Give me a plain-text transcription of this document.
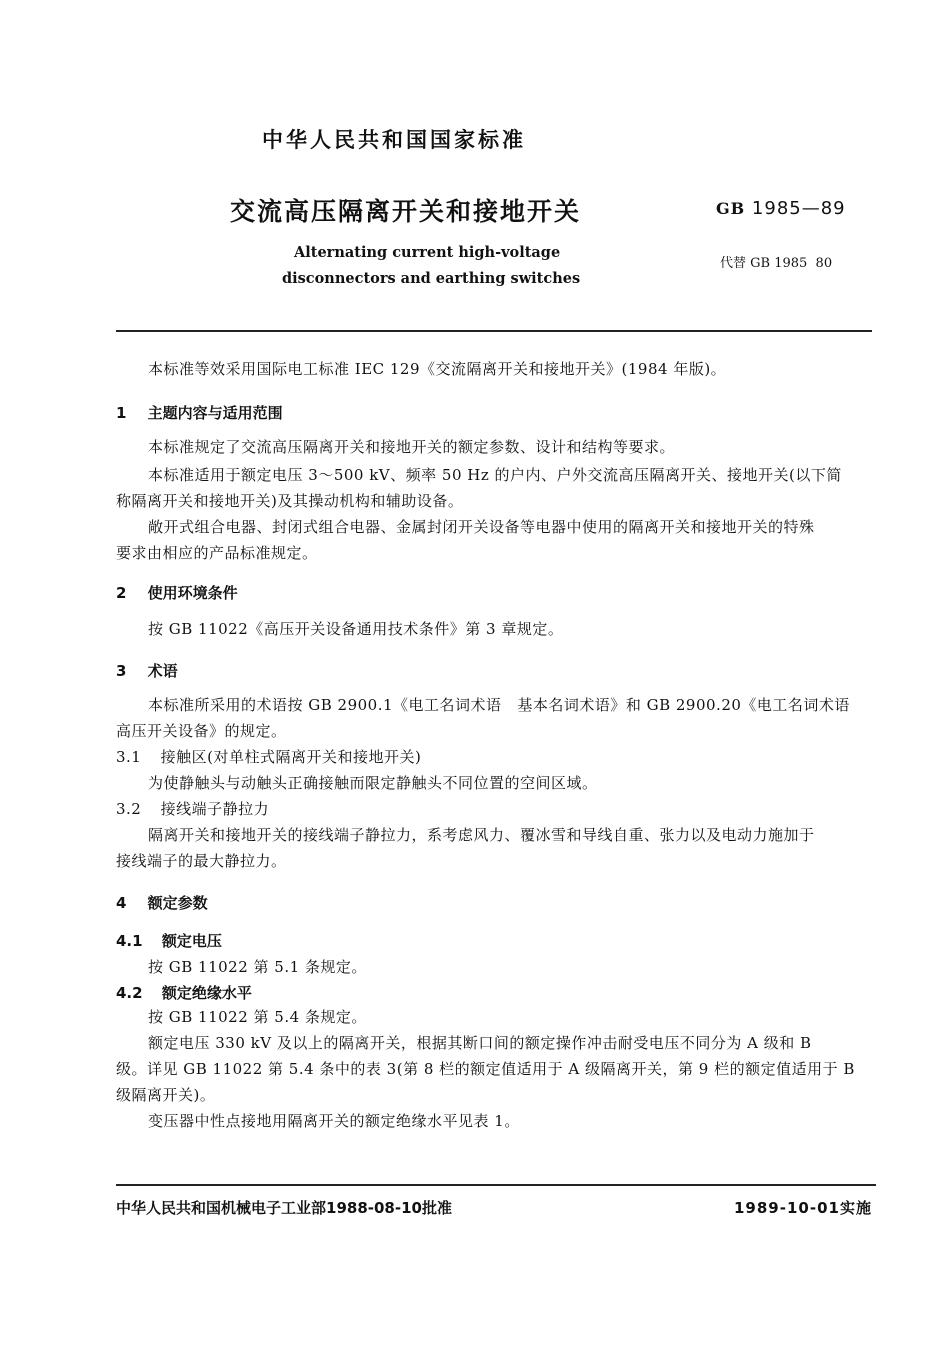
中华人民共和国国家标准
交流高压隔离开关和接地开关	GB 1985—89
Alternating current high-voltage
disconnectors and earthing switches
代替 GB 1985  80
本标准等效采用国际电工标准 IEC 129《交流隔离开关和接地开关》(1984 年版)。
1 主题内容与适用范围
本标准规定了交流高压隔离开关和接地开关的额定参数、设计和结构等要求。
本标准适用于额定电压 3～500 kV、频率 50 Hz 的户内、户外交流高压隔离开关、接地开关(以下简
称隔离开关和接地开关)及其操动机构和辅助设备。
敞开式组合电器、封闭式组合电器、金属封闭开关设备等电器中使用的隔离开关和接地开关的特殊
要求由相应的产品标准规定。
2 使用环境条件
按 GB 11022《高压开关设备通用技术条件》第 3 章规定。
3 术语
本标准所采用的术语按 GB 2900.1《电工名词术语   基本名词术语》和 GB 2900.20《电工名词术语
高压开关设备》的规定。
3.1 接触区(对单柱式隔离开关和接地开关)
为使静触头与动触头正确接触而限定静触头不同位置的空间区域。
3.2 接线端子静拉力
隔离开关和接地开关的接线端子静拉力，系考虑风力、覆冰雪和导线自重、张力以及电动力施加于
接线端子的最大静拉力。
4 额定参数
4.1 额定电压
按 GB 11022 第 5.1 条规定。
4.2 额定绝缘水平
按 GB 11022 第 5.4 条规定。
额定电压 330 kV 及以上的隔离开关，根据其断口间的额定操作冲击耐受电压不同分为 A 级和 B
级。详见 GB 11022 第 5.4 条中的表 3(第 8 栏的额定值适用于 A 级隔离开关，第 9 栏的额定值适用于 B
级隔离开关)。
变压器中性点接地用隔离开关的额定绝缘水平见表 1。
中华人民共和国机械电子工业部1988-08-10批准	1989-10-01实施
